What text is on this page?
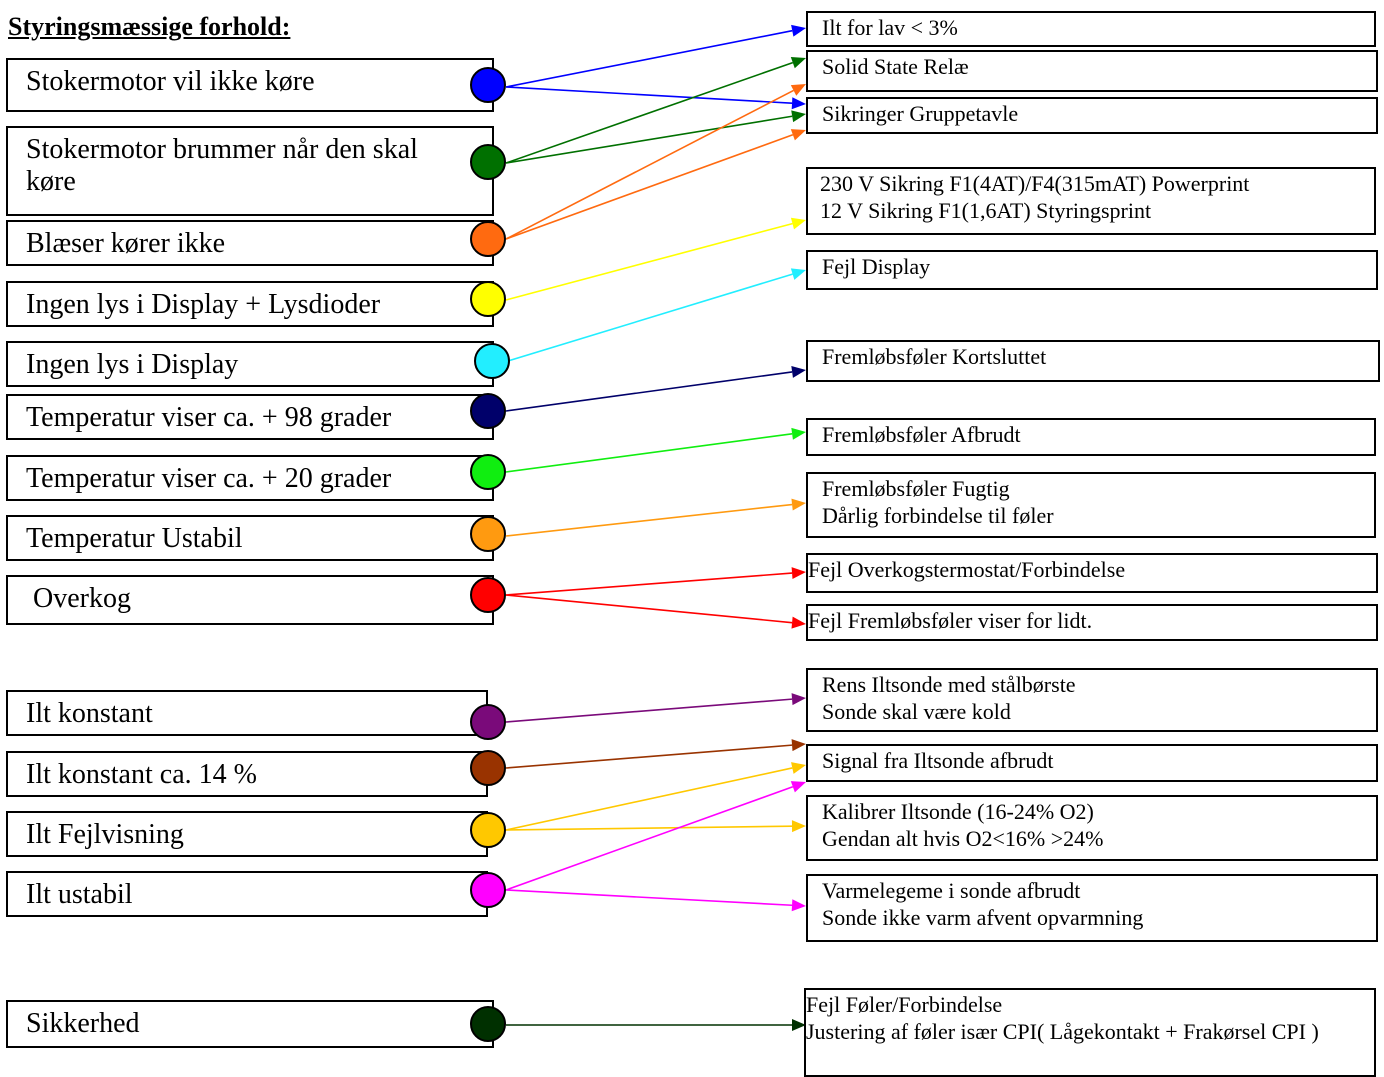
Styringsmæssige forhold:
Stokermotor vil ikke køre
Stokermotor brummer når den skal køre
Blæser kører ikke
Ingen lys i Display + Lysdioder
Ingen lys i Display
Temperatur viser ca. + 98 grader
Temperatur viser ca. + 20 grader
Temperatur Ustabil
Overkog
Ilt konstant
Ilt konstant ca. 14 %
Ilt Fejlvisning
Ilt ustabil
Sikkerhed
Ilt for lav < 3%
Solid State Relæ
Sikringer Gruppetavle
230 V Sikring F1(4AT)/F4(315mAT) Powerprint
12 V Sikring F1(1,6AT) Styringsprint
Fejl Display
Fremløbsføler Kortsluttet
Fremløbsføler Afbrudt
Fremløbsføler Fugtig
Dårlig forbindelse til føler
Fejl Overkogstermostat/Forbindelse
Fejl Fremløbsføler viser for lidt.
Rens Iltsonde med stålbørste
Sonde skal være kold
Signal fra Iltsonde afbrudt
Kalibrer Iltsonde (16-24% O2)
Gendan alt hvis O2<16% >24%
Varmelegeme i sonde afbrudt
Sonde ikke varm afvent opvarmning
Fejl Føler/Forbindelse
Justering af føler især CPI( Lågekontakt + Frakørsel CPI )
